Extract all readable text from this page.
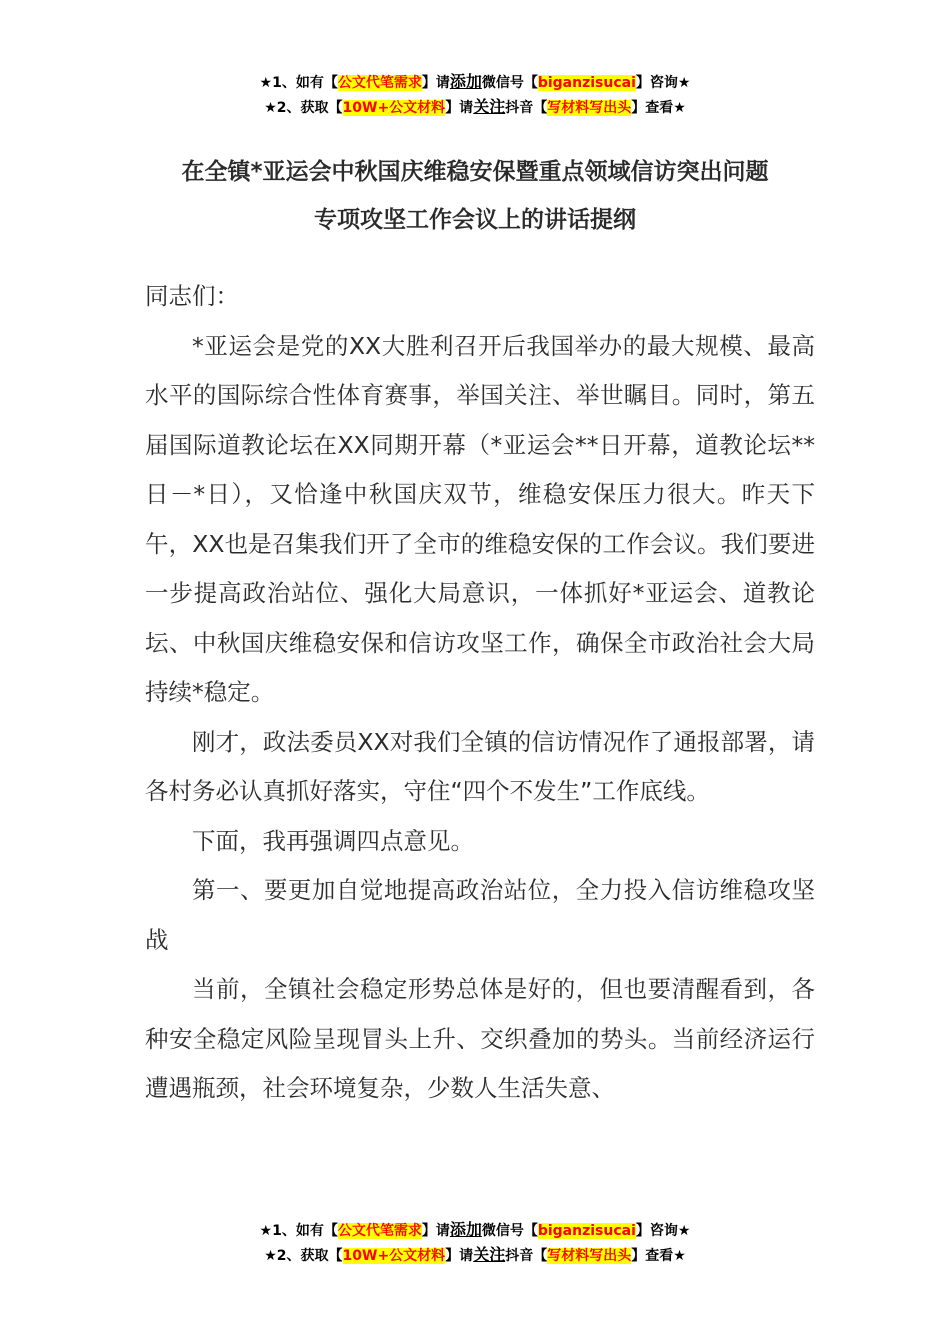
★1、如有【公文代笔需求】请添加微信号【biganzisucai】咨询★
★2、获取【10W+公文材料】请关注抖音【写材料写出头】查看★
在全镇*亚运会中秋国庆维稳安保暨重点领域信访突出问题
专项攻坚工作会议上的讲话提纲

同志们：

*亚运会是党的XX大胜利召开后我国举办的最大规模、最高水平的国际综合性体育赛事，举国关注、举世瞩目。同时，第五届国际道教论坛在XX同期开幕（*亚运会**日开幕，道教论坛**日－*日），又恰逢中秋国庆双节，维稳安保压力很大。昨天下午，XX也是召集我们开了全市的维稳安保的工作会议。我们要进一步提高政治站位、强化大局意识，一体抓好*亚运会、道教论坛、中秋国庆维稳安保和信访攻坚工作，确保全市政治社会大局持续*稳定。

刚才，政法委员XX对我们全镇的信访情况作了通报部署，请各村务必认真抓好落实，守住“四个不发生”工作底线。

下面，我再强调四点意见。

第一、要更加自觉地提高政治站位，全力投入信访维稳攻坚战

当前，全镇社会稳定形势总体是好的，但也要清醒看到，各种安全稳定风险呈现冒头上升、交织叠加的势头。当前经济运行遭遇瓶颈，社会环境复杂，少数人生活失意、

★1、如有【公文代笔需求】请添加微信号【biganzisucai】咨询★
★2、获取【10W+公文材料】请关注抖音【写材料写出头】查看★
